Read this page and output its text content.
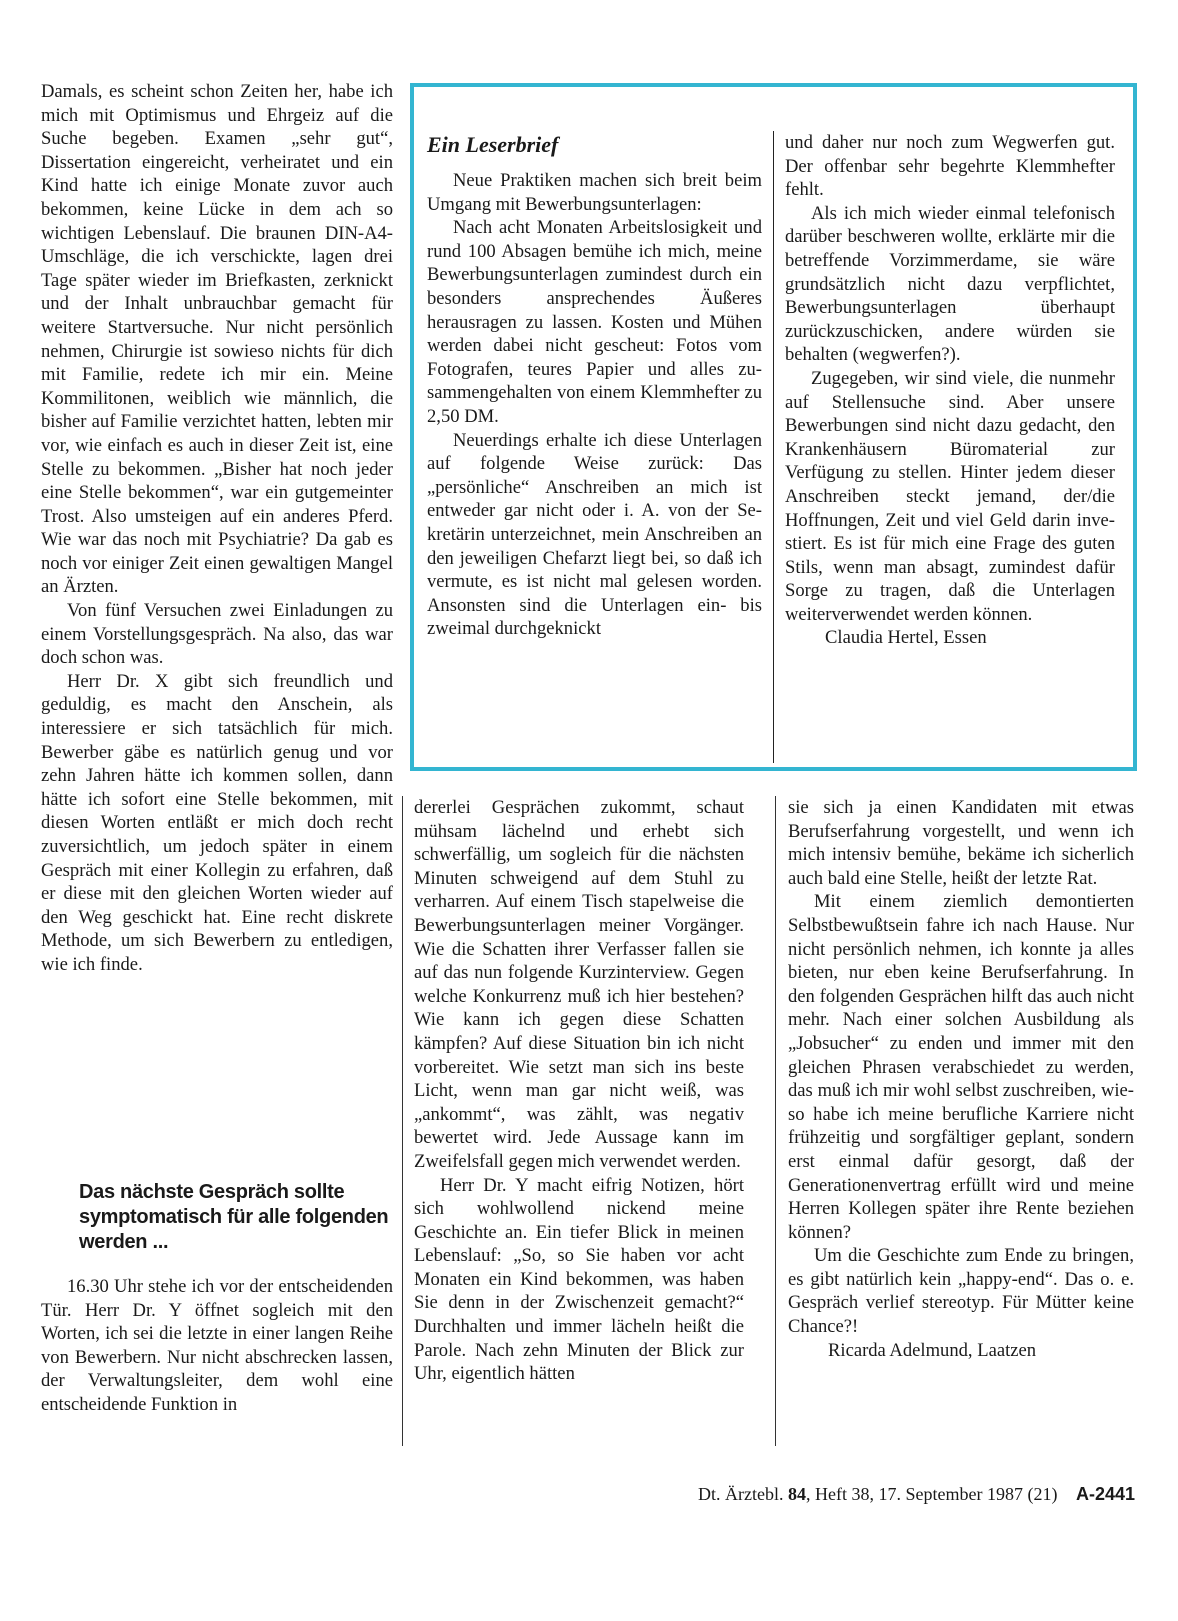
Damals, es scheint schon Zeiten her, habe ich mich mit Optimismus und Ehrgeiz auf die Suche begeben. Examen „sehr gut“, Dissertation eingereicht, verheiratet und ein Kind hatte ich einige Monate zuvor auch bekommen, keine Lücke in dem ach so wichtigen Lebenslauf. Die braunen DIN-A4-Umschläge, die ich verschickte, lagen drei Tage später wieder im Briefkasten, zerknickt und der Inhalt unbrauchbar gemacht für weitere Startversuche. Nur nicht persönlich nehmen, Chirurgie ist sowieso nichts für dich mit Familie, redete ich mir ein. Meine Kommilitonen, weiblich wie männlich, die bisher auf Familie verzichtet hatten, lebten mir vor, wie einfach es auch in dieser Zeit ist, eine Stelle zu bekommen. „Bisher hat noch jeder eine Stelle bekommen“, war ein gutgemeinter Trost. Also umsteigen auf ein anderes Pferd. Wie war das noch mit Psychiatrie? Da gab es noch vor einiger Zeit einen gewaltigen Mangel an Ärzten.

Von fünf Versuchen zwei Einladungen zu einem Vorstellungsgespräch. Na also, das war doch schon was.

Herr Dr. X gibt sich freundlich und geduldig, es macht den Anschein, als interessiere er sich tatsächlich für mich. Bewerber gäbe es natürlich genug und vor zehn Jahren hätte ich kommen sollen, dann hätte ich sofort eine Stelle bekommen, mit diesen Worten entläßt er mich doch recht zuversichtlich, um jedoch später in einem Gespräch mit einer Kollegin zu erfahren, daß er diese mit den gleichen Worten wieder auf den Weg geschickt hat. Eine recht diskrete Methode, um sich Bewerbern zu entledigen, wie ich finde.

Das nächste Gespräch sollte symptomatisch für alle folgenden werden ...

16.30 Uhr stehe ich vor der entscheidenden Tür. Herr Dr. Y öffnet sogleich mit den Worten, ich sei die letzte in einer langen Reihe von Bewerbern. Nur nicht abschrecken lassen, der Verwaltungsleiter, dem wohl eine entscheidende Funktion in

Ein Leserbrief

Neue Praktiken machen sich breit beim Umgang mit Bewerbungsunterlagen:

Nach acht Monaten Arbeitslosigkeit und rund 100 Absagen bemühe ich mich, meine Bewerbungsunterlagen zumindest durch ein besonders ansprechendes Äußeres herausragen zu lassen. Kosten und Mühen werden dabei nicht gescheut: Fotos vom Fotografen, teures Papier und alles zusammengehalten von einem Klemmhefter zu 2,50 DM.

Neuerdings erhalte ich diese Unterlagen auf folgende Weise zurück: Das „persönliche“ Anschreiben an mich ist entweder gar nicht oder i. A. von der Sekretärin unterzeichnet, mein Anschreiben an den jeweiligen Chefarzt liegt bei, so daß ich vermute, es ist nicht mal gelesen worden. Ansonsten sind die Unterlagen ein- bis zweimal durchgeknickt

und daher nur noch zum Wegwerfen gut. Der offenbar sehr begehrte Klemmhefter fehlt.

Als ich mich wieder einmal telefonisch darüber beschweren wollte, erklärte mir die betreffende Vorzimmerdame, sie wäre grundsätzlich nicht dazu verpflichtet, Bewerbungsunterlagen überhaupt zurückzuschicken, andere würden sie behalten (wegwerfen?).

Zugegeben, wir sind viele, die nunmehr auf Stellensuche sind. Aber unsere Bewerbungen sind nicht dazu gedacht, den Krankenhäusern Büromaterial zur Verfügung zu stellen. Hinter jedem dieser Anschreiben steckt jemand, der/die Hoffnungen, Zeit und viel Geld darin investiert. Es ist für mich eine Frage des guten Stils, wenn man absagt, zumindest dafür Sorge zu tragen, daß die Unterlagen weiterverwendet werden können.

Claudia Hertel, Essen

dererlei Gesprächen zukommt, schaut mühsam lächelnd und erhebt sich schwerfällig, um sogleich für die nächsten Minuten schweigend auf dem Stuhl zu verharren. Auf einem Tisch stapelweise die Bewerbungsunterlagen meiner Vorgänger. Wie die Schatten ihrer Verfasser fallen sie auf das nun folgende Kurzinterview. Gegen welche Konkurrenz muß ich hier bestehen? Wie kann ich gegen diese Schatten kämpfen? Auf diese Situation bin ich nicht vorbereitet. Wie setzt man sich ins beste Licht, wenn man gar nicht weiß, was „ankommt“, was zählt, was negativ bewertet wird. Jede Aussage kann im Zweifelsfall gegen mich verwendet werden.

Herr Dr. Y macht eifrig Notizen, hört sich wohlwollend nickend meine Geschichte an. Ein tiefer Blick in meinen Lebenslauf: „So, so Sie haben vor acht Monaten ein Kind bekommen, was haben Sie denn in der Zwischenzeit gemacht?“ Durchhalten und immer lächeln heißt die Parole. Nach zehn Minuten der Blick zur Uhr, eigentlich hätten

sie sich ja einen Kandidaten mit etwas Berufserfahrung vorgestellt, und wenn ich mich intensiv bemühe, bekäme ich sicherlich auch bald eine Stelle, heißt der letzte Rat.

Mit einem ziemlich demontierten Selbstbewußtsein fahre ich nach Hause. Nur nicht persönlich nehmen, ich konnte ja alles bieten, nur eben keine Berufserfahrung. In den folgenden Gesprächen hilft das auch nicht mehr. Nach einer solchen Ausbildung als „Jobsucher“ zu enden und immer mit den gleichen Phrasen verabschiedet zu werden, das muß ich mir wohl selbst zuschreiben, wieso habe ich meine berufliche Karriere nicht frühzeitig und sorgfältiger geplant, sondern erst einmal dafür gesorgt, daß der Generationenvertrag erfüllt wird und meine Herren Kollegen später ihre Rente beziehen können?

Um die Geschichte zum Ende zu bringen, es gibt natürlich kein „happy-end“. Das o. e. Gespräch verlief stereotyp. Für Mütter keine Chance?!

Ricarda Adelmund, Laatzen

Dt. Ärztebl. 84, Heft 38, 17. September 1987 (21) A-2441
